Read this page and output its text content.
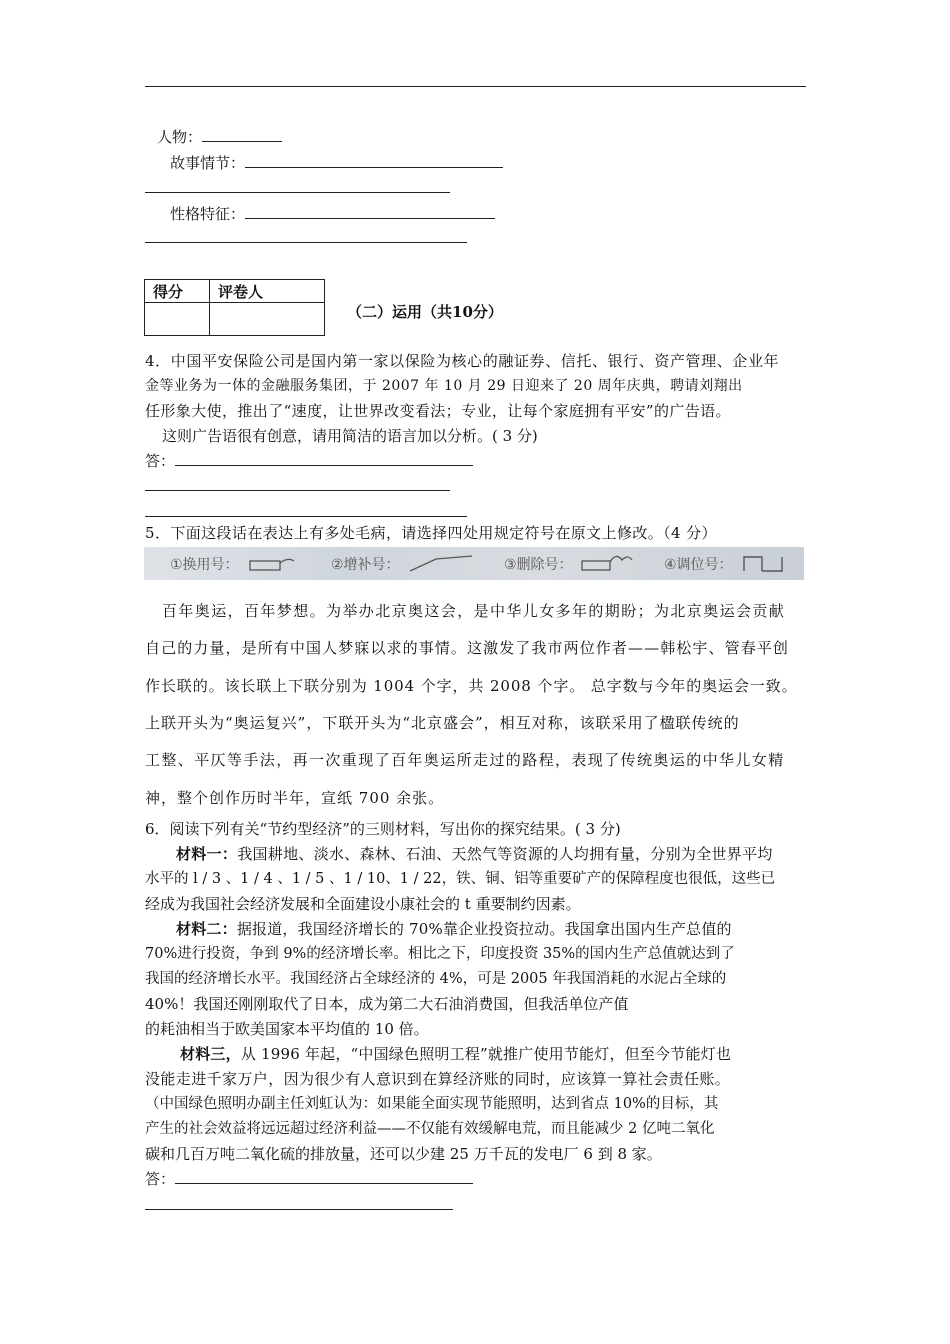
人物：
故事情节：
性格特征：
得分	评卷人

（二）运用（共10分）
4．中国平安保险公司是国内第一家以保险为核心的融证券、信托、银行、资产管理、企业年
金等业务为一体的金融服务集团，于 2007 年 10 月 29 日迎来了 20 周年庆典，聘请刘翔出
任形象大使，推出了“速度，让世界改变看法；专业，让每个家庭拥有平安”的广告语。
这则广告语很有创意，请用简洁的语言加以分析。( 3 分)
答：
5．下面这段话在表达上有多处毛病，请选择四处用规定符号在原文上修改。（4 分）
①换用号：	②增补号：	③删除号：	④调位号：
百年奥运，百年梦想。为举办北京奥这会，是中华儿女多年的期盼；为北京奥运会贡献
自己的力量，是所有中国人梦寐以求的事情。这激发了我市两位作者——韩松宇、管春平创
作长联的。该长联上下联分别为 1004 个字，共 2008 个字。 总字数与今年的奥运会一致。
上联开头为“奥运复兴”，下联开头为“北京盛会”，相互对称，该联采用了楹联传统的
工整、平仄等手法，再一次重现了百年奥运所走过的路程，表现了传统奥运的中华儿女精
神，整个创作历时半年，宣纸 700 余张。
6．阅读下列有关“节约型经济”的三则材料，写出你的探究结果。( 3 分)
材料一：我国耕地、淡水、森林、石油、天然气等资源的人均拥有量，分别为全世界平均
水平的 l / 3 、1 / 4 、1 / 5 、1 / 10、1 / 22，铁、铜、铝等重要矿产的保障程度也很低，这些已
经成为我国社会经济发展和全面建设小康社会的 t 重要制约因素。
材料二：据报道，我国经济增长的 70%靠企业投资拉动。我国拿出国内生产总值的
70%进行投资，争到 9%的经济增长率。相比之下，印度投资 35%的国内生产总值就达到了
我国的经济增长水平。我国经济占全球经济的 4%，可是 2005 年我国消耗的水泥占全球的
40%！我国还刚刚取代了日本，成为第二大石油消费国，但我活单位产值
的耗油相当于欧美国家本平均值的 10 倍。
材料三，从 1996 年起，“中国绿色照明工程”就推广使用节能灯，但至今节能灯也
没能走进千家万户，因为很少有人意识到在算经济账的同时，应该算一算社会责任账。
（中国绿色照明办副主任刘虹认为：如果能全面实现节能照明，达到省点 10%的目标，其
产生的社会效益将远远超过经济利益——不仅能有效缓解电荒，而且能减少 2 亿吨二氧化
碳和几百万吨二氧化硫的排放量，还可以少建 25 万千瓦的发电厂 6 到 8 家。
答：
